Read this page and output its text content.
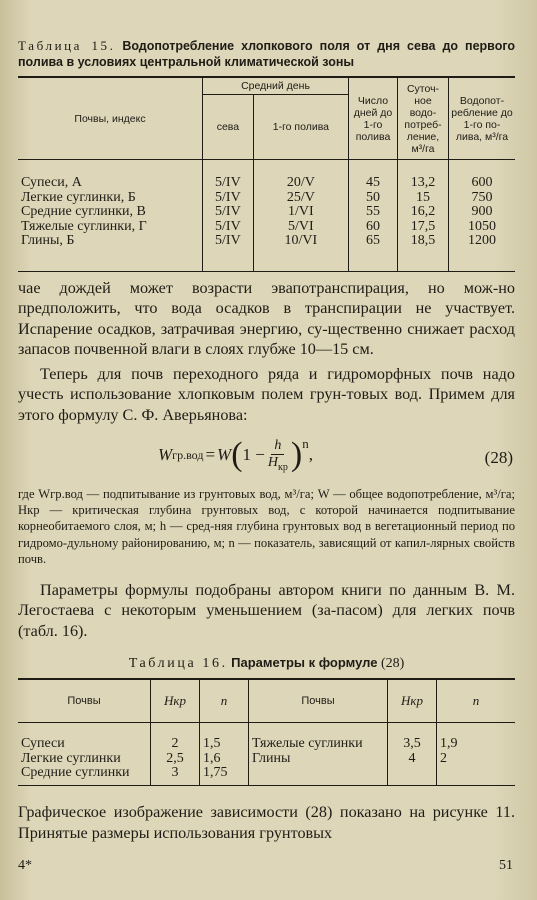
Таблица 15. Водопотребление хлопкового поля от дня сева до первого полива в условиях центральной климатической зоны
Почвы, индекс	Средний день		Число дней до 1-го полива	Суточ-ное водо-потреб-ление, м³/га	Водопот-ребление до 1-го по-лива, м³/га
	сева	1-го полива			
Супеси, А	5/IV	20/V	45	13,2	600
Легкие суглинки, Б	5/IV	25/V	50	15	750
Средние суглинки, В	5/IV	1/VI	55	16,2	900
Тяжелые суглинки, Г	5/IV	5/VI	60	17,5	1050
Глины, Б	5/IV	10/VI	65	18,5	1200

чае дождей может возрасти эвапотранспирация, но мож-но предположить, что вода осадков в транспирации не участвует. Испарение осадков, затрачивая энергию, су-щественно снижает расход запасов почвенной влаги в слоях глубже 10—15 см.

Теперь для почв переходного ряда и гидроморфных почв надо учесть использование хлопковым полем грун-товых вод. Примем для этого формулу С. Ф. Аверьянова:

W гр.вод = W ( $1 - \frac{h}{H_{кр}} )^n$
,	(28)

где Wгр.вод — подпитывание из грунтовых вод, м³/га; W — общее водопотребление, м³/га; Hкр — критическая глубина грунтовых вод, с которой начинается подпитывание корнеобитаемого слоя, м; h — сред-няя глубина грунтовых вод в вегетационный период по гидромо-дульному районированию, м; n — показатель, зависящий от капил-лярных свойств почв.

Параметры формулы подобраны автором книги по данным В. М. Легостаева с некоторым уменьшением (за-пасом) для легких почв (табл. 16).

Таблица 16. Параметры к формуле (28)
Почвы	Hкр	n	Почвы	Hкр	n
Супеси	2	1,5	Тяжелые суглинки	3,5	1,9
Легкие суглинки	2,5	1,6	Глины	4	2
Средние суглинки	3	1,75			

Графическое изображение зависимости (28) показано на рисунке 11. Принятые размеры использования грунтовых

4*	51
